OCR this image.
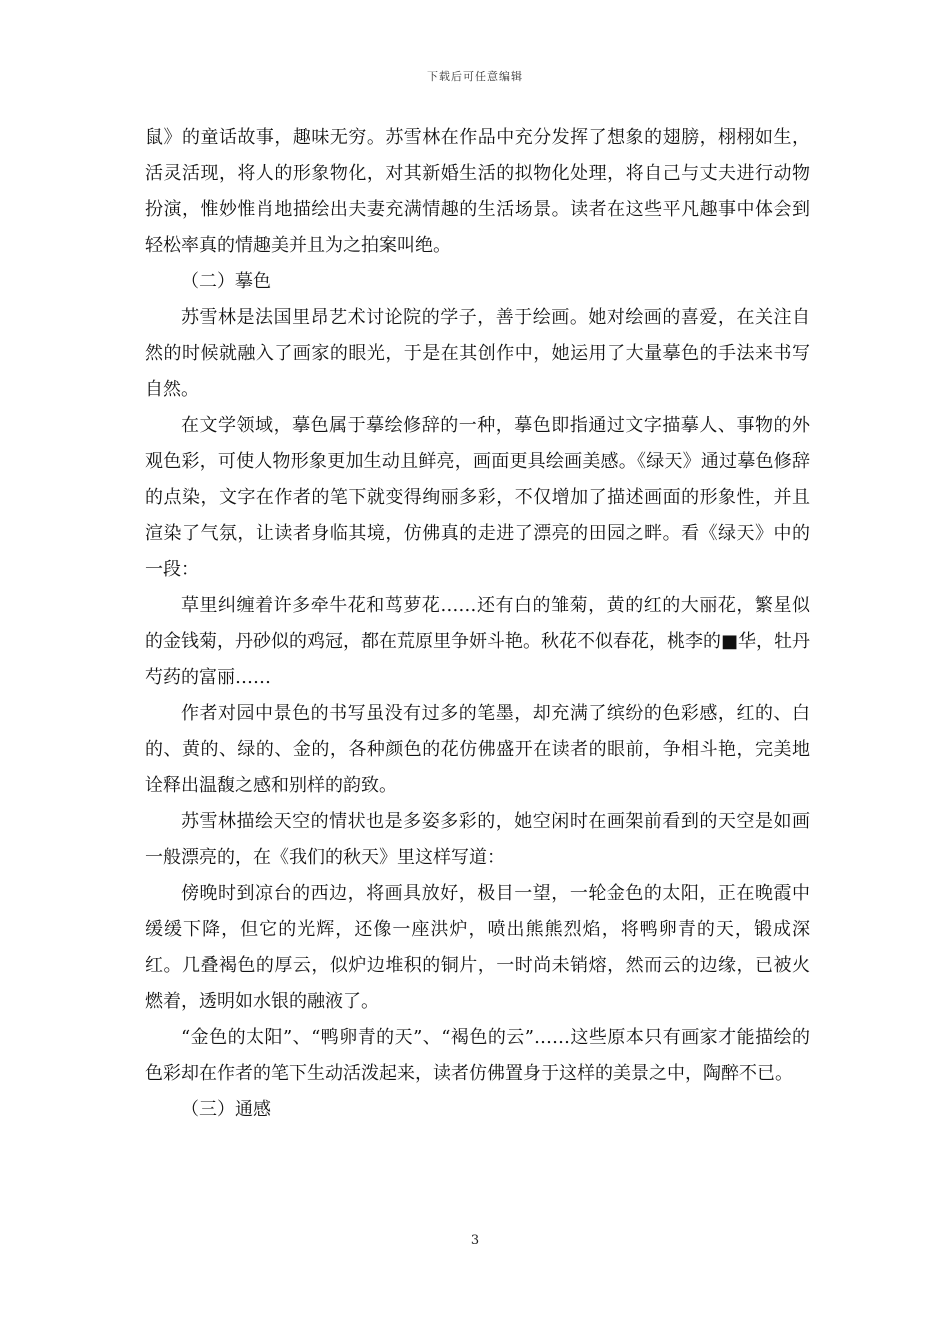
下载后可任意编辑

鼠》的童话故事，趣味无穷。苏雪林在作品中充分发挥了想象的翅膀，栩栩如生，活灵活现，将人的形象物化，对其新婚生活的拟物化处理，将自己与丈夫进行动物扮演，惟妙惟肖地描绘出夫妻充满情趣的生活场景。读者在这些平凡趣事中体会到轻松率真的情趣美并且为之拍案叫绝。

（二）摹色

苏雪林是法国里昂艺术讨论院的学子，善于绘画。她对绘画的喜爱，在关注自然的时候就融入了画家的眼光，于是在其创作中，她运用了大量摹色的手法来书写自然。

在文学领域，摹色属于摹绘修辞的一种，摹色即指通过文字描摹人、事物的外观色彩，可使人物形象更加生动且鲜亮，画面更具绘画美感。《绿天》通过摹色修辞的点染，文字在作者的笔下就变得绚丽多彩，不仅增加了描述画面的形象性，并且渲染了气氛，让读者身临其境，仿佛真的走进了漂亮的田园之畔。看《绿天》中的一段：

草里纠缠着许多牵牛花和茑萝花……还有白的雏菊，黄的红的大丽花，繁星似的金钱菊，丹砂似的鸡冠，都在荒原里争妍斗艳。秋花不似春花，桃李的■华，牡丹芍药的富丽……

作者对园中景色的书写虽没有过多的笔墨，却充满了缤纷的色彩感，红的、白的、黄的、绿的、金的，各种颜色的花仿佛盛开在读者的眼前，争相斗艳，完美地诠释出温馥之感和别样的韵致。

苏雪林描绘天空的情状也是多姿多彩的，她空闲时在画架前看到的天空是如画一般漂亮的，在《我们的秋天》里这样写道：

傍晚时到凉台的西边，将画具放好，极目一望，一轮金色的太阳，正在晚霞中缓缓下降，但它的光辉，还像一座洪炉，喷出熊熊烈焰，将鸭卵青的天，锻成深红。几叠褐色的厚云，似炉边堆积的铜片，一时尚未销熔，然而云的边缘，已被火燃着，透明如水银的融液了。

“金色的太阳”、“鸭卵青的天”、“褐色的云”……这些原本只有画家才能描绘的色彩却在作者的笔下生动活泼起来，读者仿佛置身于这样的美景之中，陶醉不已。

（三）通感

3
